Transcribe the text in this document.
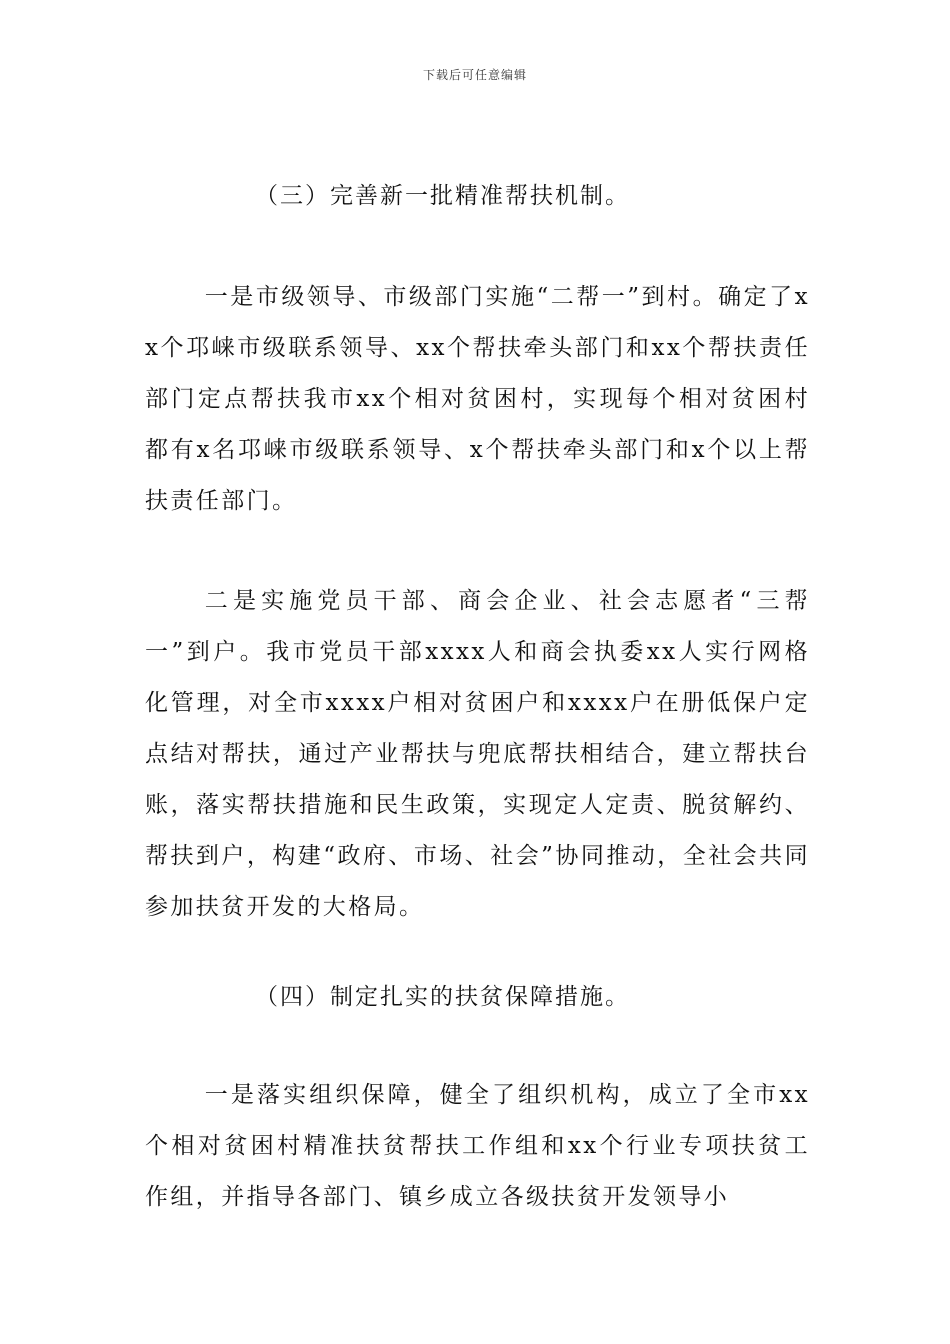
下载后可任意编辑

（三）完善新一批精准帮扶机制。

一是市级领导、市级部门实施“二帮一”到村。确定了xx个邛崃市级联系领导、xx个帮扶牵头部门和xx个帮扶责任部门定点帮扶我市xx个相对贫困村，实现每个相对贫困村都有x名邛崃市级联系领导、x个帮扶牵头部门和x个以上帮扶责任部门。

二是实施党员干部、商会企业、社会志愿者“三帮一”到户。我市党员干部xxxx人和商会执委xx人实行网格化管理，对全市xxxx户相对贫困户和xxxx户在册低保户定点结对帮扶，通过产业帮扶与兜底帮扶相结合，建立帮扶台账，落实帮扶措施和民生政策，实现定人定责、脱贫解约、帮扶到户，构建“政府、市场、社会”协同推动，全社会共同参加扶贫开发的大格局。

（四）制定扎实的扶贫保障措施。

一是落实组织保障，健全了组织机构，成立了全市xx个相对贫困村精准扶贫帮扶工作组和xx个行业专项扶贫工作组，并指导各部门、镇乡成立各级扶贫开发领导小
